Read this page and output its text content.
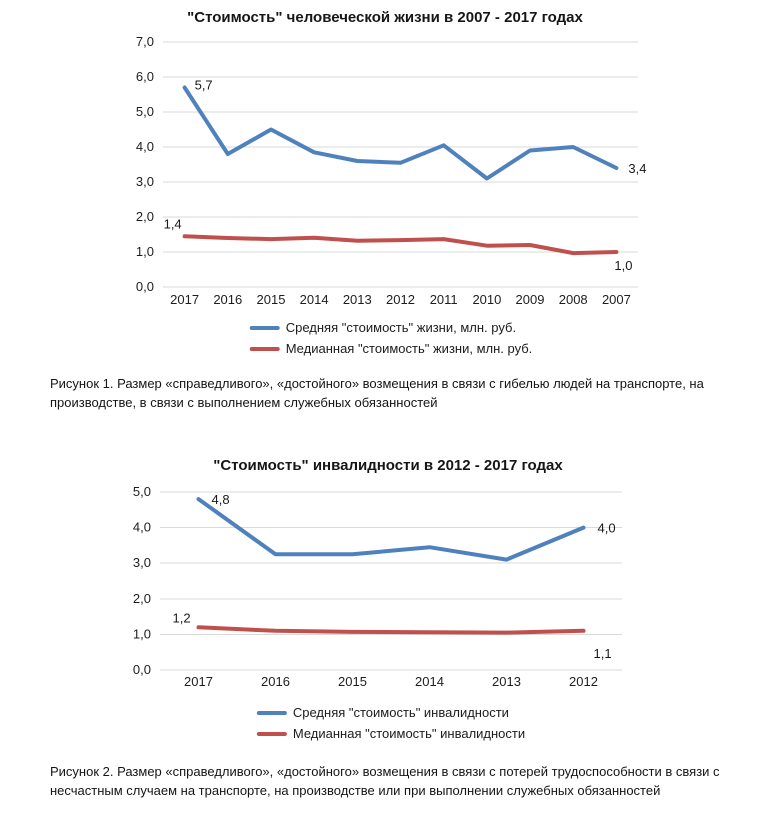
0,0
1,0
2,0
3,0
4,0
5,0
6,0
7,0
"Стоимость" человеческой жизни в 2007 - 2017 годах
2017 2016 2015 2014 2013 2012 2011 2010 2009 2008 2007
5,7
3,4
1,4
1,0
Средняя "стоимость" жизни, млн. руб.
Медианная "стоимость" жизни, млн. руб.

Рисунок 1. Размер «справедливого», «достойного» возмещения в связи с гибелью людей на транспорте, на производстве, в связи с выполнением служебных обязанностей

0,0
1,0
2,0
3,0
4,0
5,0
"Стоимость" инвалидности в 2012 - 2017 годах
2017	2016	2015	2014	2013	2012
4,8
4,0
1,2
1,1
Средняя "стоимость" инвалидности
Медианная "стоимость" инвалидности

Рисунок 2. Размер «справедливого», «достойного» возмещения в связи с потерей трудоспособности в связи с несчастным случаем на транспорте, на производстве или при выполнении служебных обязанностей
